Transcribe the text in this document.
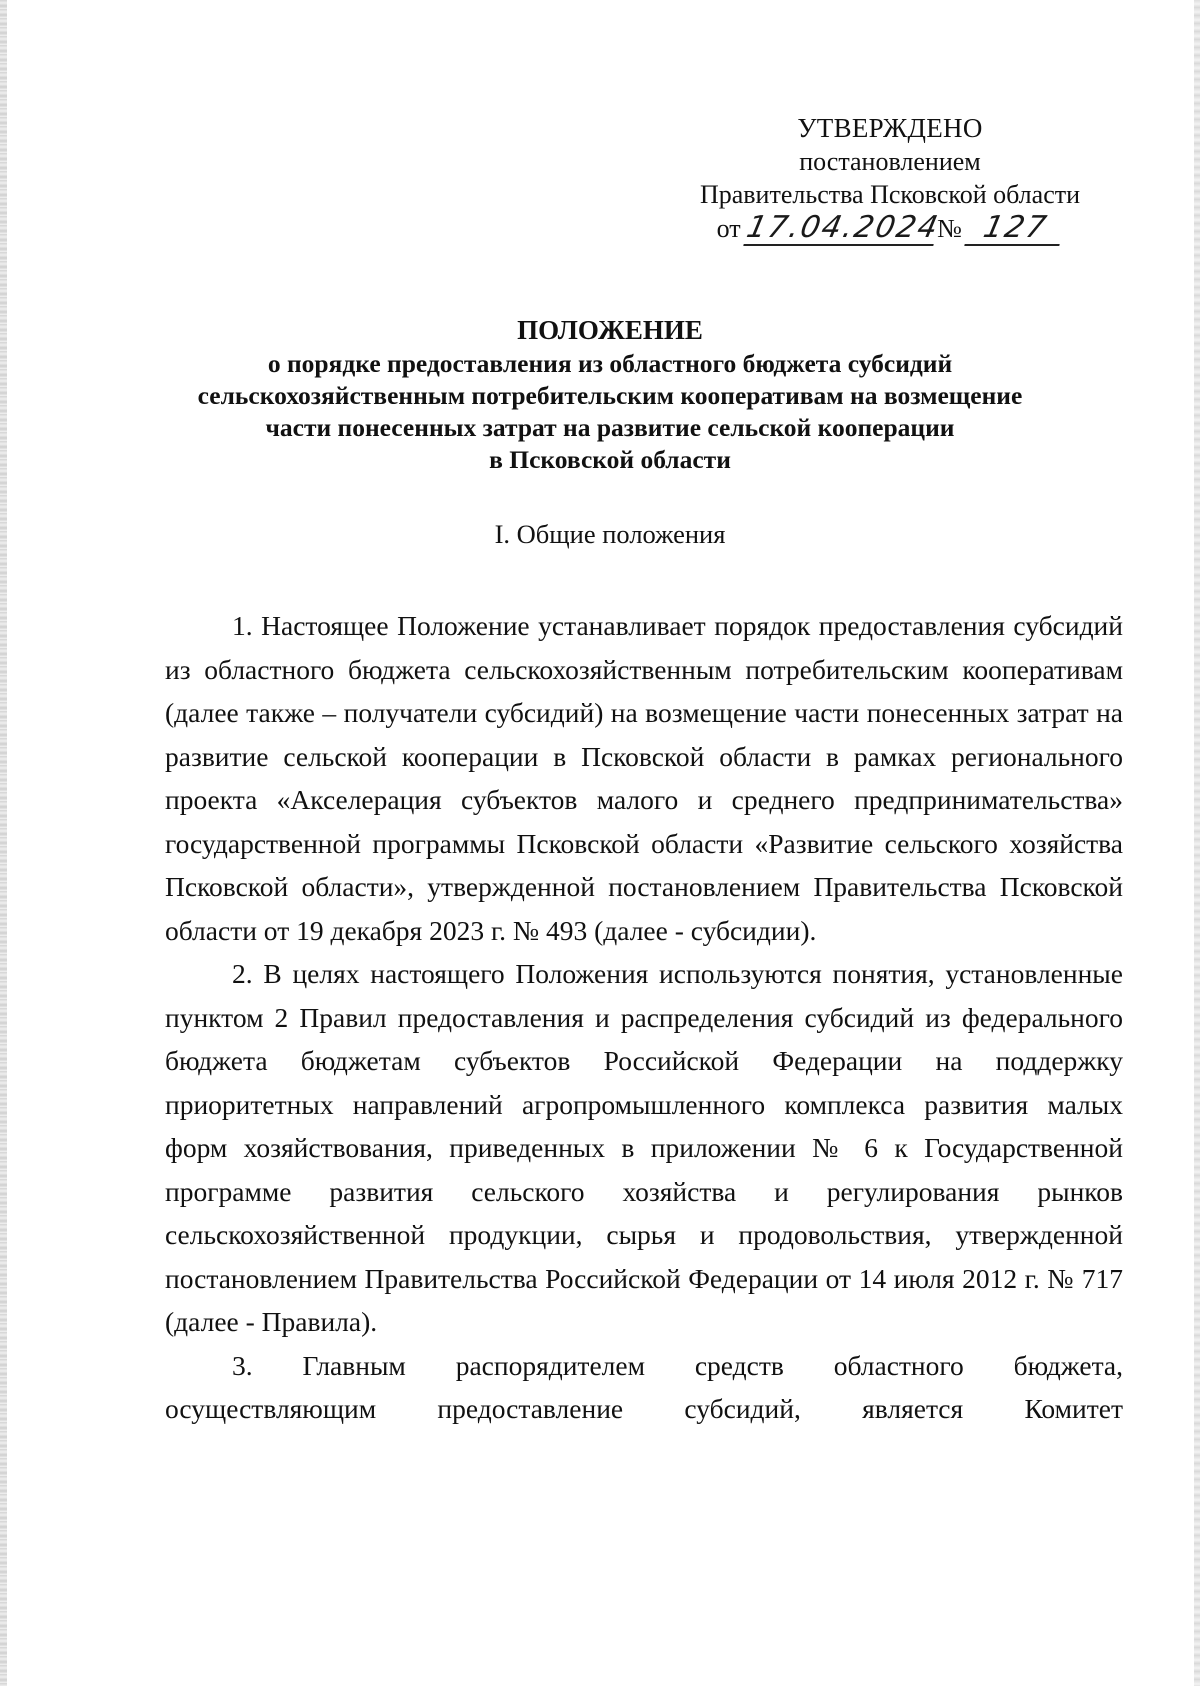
УТВЕРЖДЕНО
постановлением
Правительства Псковской области
от 17.04.2024№ 127
ПОЛОЖЕНИЕ
о порядке предоставления из областного бюджета субсидий
сельскохозяйственным потребительским кооперативам на возмещение
части понесенных затрат на развитие сельской кооперации
в Псковской области
I. Общие положения

1. Настоящее Положение устанавливает порядок предоставления субсидий из областного бюджета сельскохозяйственным потребительским кооперативам (далее также – получатели субсидий) на возмещение части понесенных затрат на развитие сельской кооперации в Псковской области в рамках регионального проекта «Акселерация субъектов малого и среднего предпринимательства» государственной программы Псковской области «Развитие сельского хозяйства Псковской области», утвержденной постановлением Правительства Псковской области от 19 декабря 2023 г. № 493 (далее - субсидии).

2. В целях настоящего Положения используются понятия, установленные пунктом 2 Правил предоставления и распределения субсидий из федерального бюджета бюджетам субъектов Российской Федерации на поддержку приоритетных направлений агропромышленного комплекса развития малых форм хозяйствования, приведенных в приложении № 6 к Государственной программе развития сельского хозяйства и регулирования рынков сельскохозяйственной продукции, сырья и продовольствия, утвержденной постановлением Правительства Российской Федерации от 14 июля 2012 г. № 717 (далее - Правила).

3. Главным распорядителем средств областного бюджета, осуществляющим предоставление субсидий, является Комитет
